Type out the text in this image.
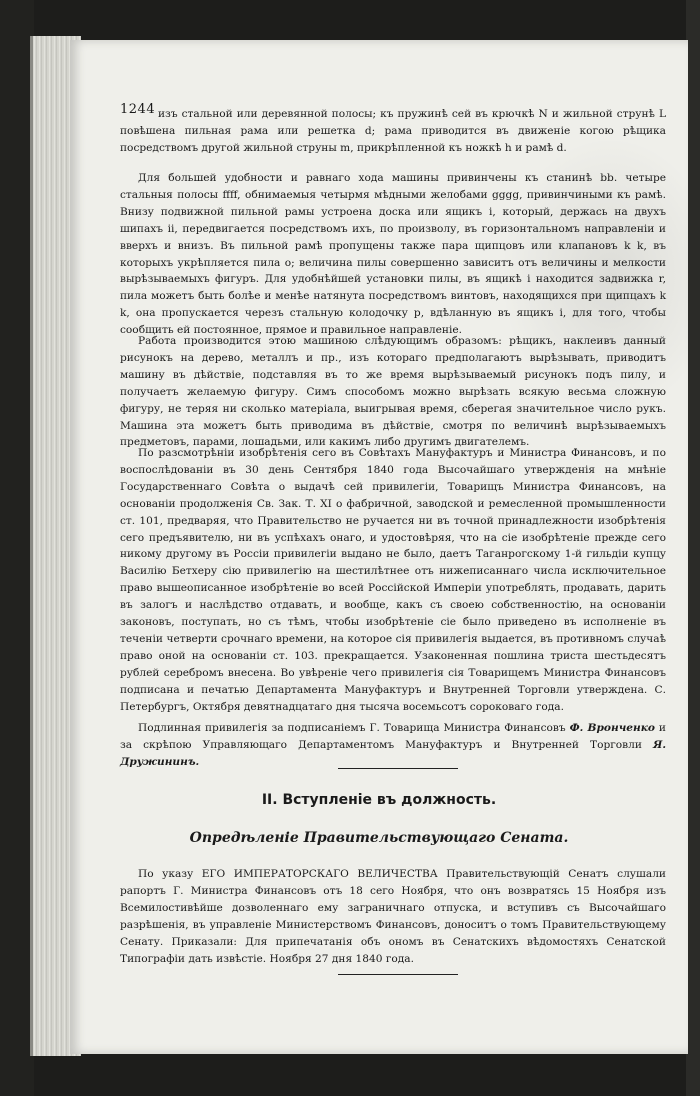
1244 изъ стальной или деревянной полосы; къ пружинѣ сей въ крючкѣ N и жильной струнѣ L повѣшена пильная рама или решетка d; рама приводится въ движеніе когою рѣщика посредствомъ другой жильной струны m, прикрѣпленной къ ножкѣ h и рамѣ d.

Для большей удобности и равнаго хода машины привинчены къ станинѣ bb. четыре стальныя полосы ffff, обнимаемыя четырмя мѣдными желобами gggg, привинчиными къ рамѣ. Внизу подвижной пильной рамы устроена доска или ящикъ i, который, держась на двухъ шипахъ ii, передвигается посредствомъ ихъ, по произволу, въ горизонтальномъ направленіи и вверхъ и внизъ. Въ пильной рамѣ пропущены также пара щипцовъ или клапановъ k k, въ которыхъ укрѣпляется пила о; величина пилы совершенно зависитъ отъ величины и мелкости вырѣзываемыхъ фигуръ. Для удобнѣйшей установки пилы, въ ящикѣ i находится задвижка r, пила можетъ быть болѣе и менѣе натянута посредствомъ винтовъ, находящихся при щипцахъ k k, она пропускается черезъ стальную колодочку p, вдѣланную въ ящикъ i, для того, чтобы сообщить ей постоянное, прямое и правильное направленіе.

Работа производится этою машиною слѣдующимъ образомъ: рѣщикъ, наклеивъ данный рисунокъ на дерево, металлъ и пр., изъ котораго предполагаютъ вырѣзывать, приводитъ машину въ дѣйствіе, подставляя въ то же время вырѣзываемый рисунокъ подъ пилу, и получаетъ желаемую фигуру. Симъ способомъ можно вырѣзать всякую весьма сложную фигуру, не теряя ни сколько матеріала, выигрывая время, сберегая значительное число рукъ. Машина эта можетъ быть приводима въ дѣйствіе, смотря по величинѣ вырѣзываемыхъ предметовъ, парами, лошадьми, или какимъ либо другимъ двигателемъ.

По разсмотрѣніи изобрѣтенія сего въ Совѣтахъ Мануфактуръ и Министра Финансовъ, и по воспослѣдованіи въ 30 день Сентября 1840 года Высочайшаго утвержденія на мнѣніе Государственнаго Совѣта о выдачѣ сей привилегіи, Товарищъ Министра Финансовъ, на основаніи продолженія Св. Зак. Т. XI о фабричной, заводской и ремесленной промышленности ст. 101, предваряя, что Правительство не ручается ни въ точной принадлежности изобрѣтенія сего предъявителю, ни въ успѣхахъ онаго, и удостовѣряя, что на сіе изобрѣтеніе прежде сего никому другому въ Россіи привилегіи выдано не было, даетъ Таганрогскому 1-й гильдіи купцу Василію Бетхеру сію привилегію на шестилѣтнее отъ нижеписаннаго числа исключительное право вышеописанное изобрѣтеніе во всей Россійской Имперіи употреблять, продавать, дарить въ залогъ и наслѣдство отдавать, и вообще, какъ съ своею собственностію, на основаніи законовъ, поступать, но съ тѣмъ, чтобы изобрѣтеніе сіе было приведено въ исполненіе въ теченіи четверти срочнаго времени, на которое сія привилегія выдается, въ противномъ случаѣ право оной на основаніи ст. 103. прекращается. Узаконенная пошлина триста шестьдесятъ рублей серебромъ внесена. Во увѣреніе чего привилегія сія Товарищемъ Министра Финансовъ подписана и печатью Департамента Мануфактуръ и Внутренней Торговли утверждена. С. Петербургъ, Октября девятнадцатаго дня тысяча восемьсотъ сороковаго года.

Подлинная привилегія за подписанiемъ Г. Товарища Министра Финансовъ Ф. Вронченко и за скрѣпою Управляющаго Департаментомъ Мануфактуръ и Внутренней Торговли Я. Дружининъ.

II. Вступленiе въ должность.
Опредѣленiе Правительствующаго Сената.

По указу ЕГО ИМПЕРАТОРСКАГО ВЕЛИЧЕСТВА Правительствующій Сенатъ слушали рапортъ Г. Министра Финансовъ отъ 18 сего Ноября, что онъ возвратясь 15 Ноября изъ Всемилостивѣйше дозволеннаго ему заграничнаго отпуска, и вступивъ съ Высочайшаго разрѣшенія, въ управленіе Министерствомъ Финансовъ, доноситъ о томъ Правительствующему Сенату. Приказали: Для припечатанія объ ономъ въ Сенатскихъ вѣдомостяхъ Сенатской Типографіи дать извѣстіе. Ноября 27 дня 1840 года.
